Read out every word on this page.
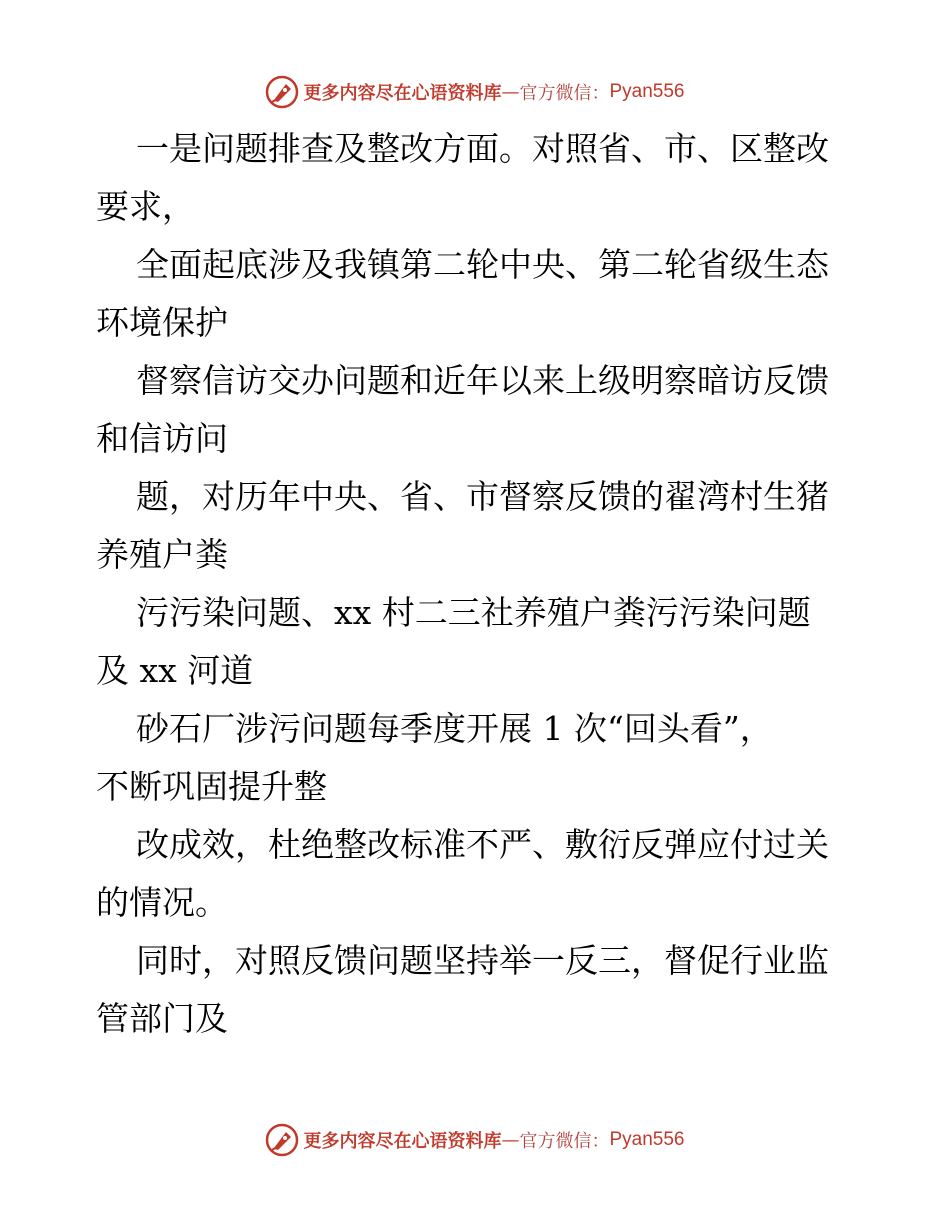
更多内容尽在心语资料库 — 官方微信： Pyan556
一是问题排查及整改方面。对照省、市、区整改
要求，
全面起底涉及我镇第二轮中央、第二轮省级生态
环境保护
督察信访交办问题和近年以来上级明察暗访反馈
和信访问
题，对历年中央、省、市督察反馈的翟湾村生猪
养殖户粪
污污染问题、xx 村二三社养殖户粪污污染问题
及 xx 河道
砂石厂涉污问题每季度开展 1 次“回头看”，
不断巩固提升整
改成效，杜绝整改标准不严、敷衍反弹应付过关
的情况。
同时，对照反馈问题坚持举一反三，督促行业监
管部门及
更多内容尽在心语资料库 — 官方微信： Pyan556
